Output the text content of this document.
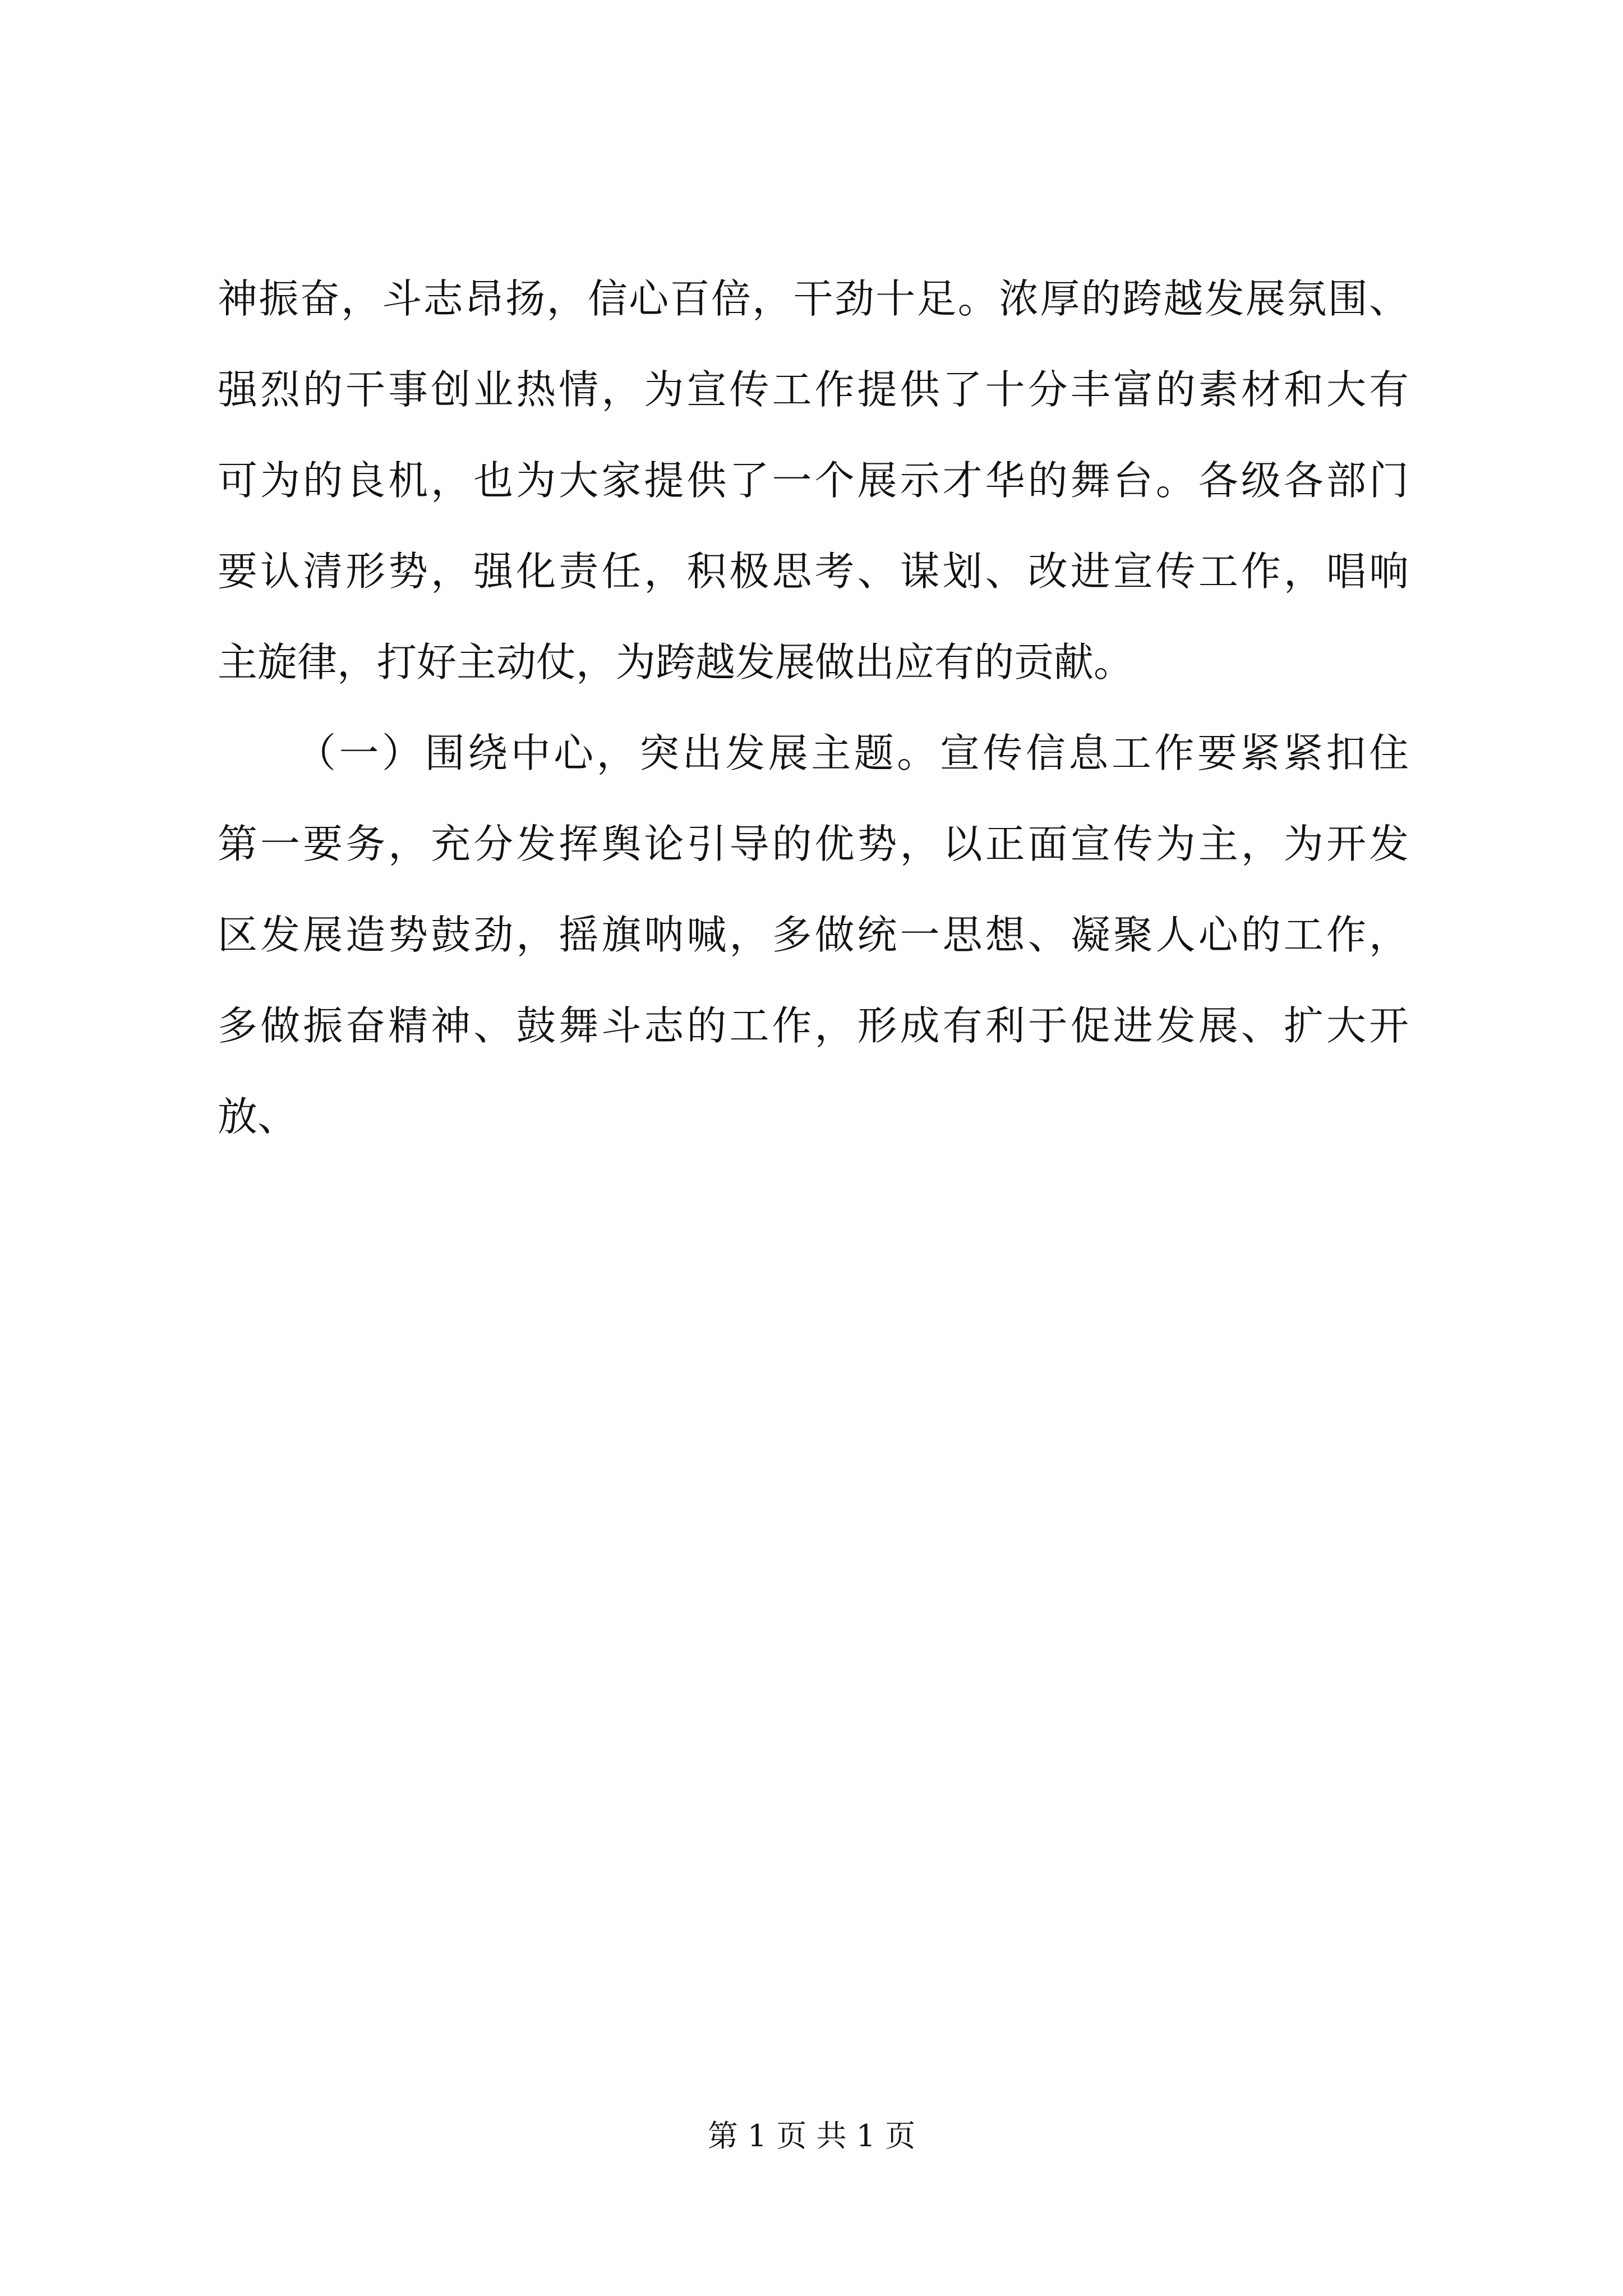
神振奋，斗志昂扬，信心百倍，干劲十足。浓厚的跨越发展氛围、
强烈的干事创业热情，为宣传工作提供了十分丰富的素材和大有
可为的良机，也为大家提供了一个展示才华的舞台。各级各部门
要认清形势，强化责任，积极思考、谋划、改进宣传工作，唱响
主旋律，打好主动仗，为跨越发展做出应有的贡献。
（一）围绕中心，突出发展主题。宣传信息工作要紧紧扣住
第一要务，充分发挥舆论引导的优势，以正面宣传为主，为开发
区发展造势鼓劲，摇旗呐喊，多做统一思想、凝聚人心的工作，
多做振奋精神、鼓舞斗志的工作，形成有利于促进发展、扩大开
放、
第 1 页 共 1 页
